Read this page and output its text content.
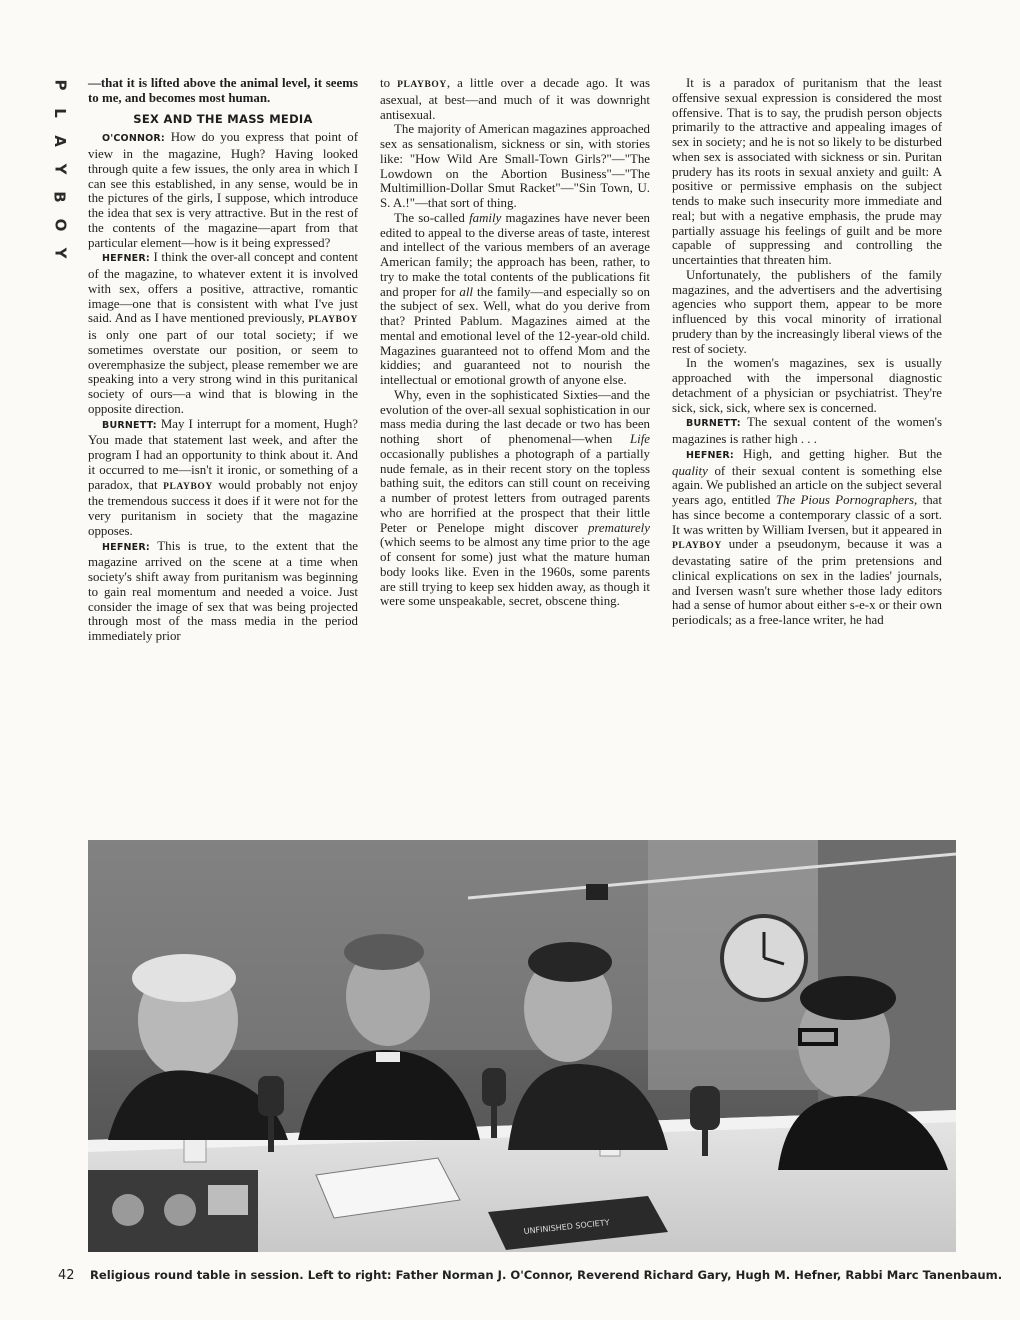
P
L
A
Y
B
O
Y

—that it is lifted above the animal level, it seems to me, and becomes most human.

SEX AND THE MASS MEDIA

O'CONNOR: How do you express that point of view in the magazine, Hugh? Having looked through quite a few issues, the only area in which I can see this established, in any sense, would be in the pictures of the girls, I suppose, which introduce the idea that sex is very attractive. But in the rest of the contents of the magazine—apart from that particular element—how is it being expressed?

HEFNER: I think the over-all concept and content of the magazine, to whatever extent it is involved with sex, offers a positive, attractive, romantic image—one that is consistent with what I've just said. And as I have mentioned previously, PLAYBOY is only one part of our total society; if we sometimes overstate our position, or seem to overemphasize the subject, please remember we are speaking into a very strong wind in this puritanical society of ours—a wind that is blowing in the opposite direction.

BURNETT: May I interrupt for a moment, Hugh? You made that statement last week, and after the program I had an opportunity to think about it. And it occurred to me—isn't it ironic, or something of a paradox, that PLAYBOY would probably not enjoy the tremendous success it does if it were not for the very puritanism in society that the magazine opposes.

HEFNER: This is true, to the extent that the magazine arrived on the scene at a time when society's shift away from puritanism was beginning to gain real momentum and needed a voice. Just consider the image of sex that was being projected through most of the mass media in the period immediately prior

to PLAYBOY, a little over a decade ago. It was asexual, at best—and much of it was downright antisexual.

The majority of American magazines approached sex as sensationalism, sickness or sin, with stories like: "How Wild Are Small-Town Girls?"—"The Lowdown on the Abortion Business"—"The Multimillion-Dollar Smut Racket"—"Sin Town, U. S. A.!"—that sort of thing.

The so-called family magazines have never been edited to appeal to the diverse areas of taste, interest and intellect of the various members of an average American family; the approach has been, rather, to try to make the total contents of the publications fit and proper for all the family—and especially so on the subject of sex. Well, what do you derive from that? Printed Pablum. Magazines aimed at the mental and emotional level of the 12-year-old child. Magazines guaranteed not to offend Mom and the kiddies; and guaranteed not to nourish the intellectual or emotional growth of anyone else.

Why, even in the sophisticated Sixties—and the evolution of the over-all sexual sophistication in our mass media during the last decade or two has been nothing short of phenomenal—when Life occasionally publishes a photograph of a partially nude female, as in their recent story on the topless bathing suit, the editors can still count on receiving a number of protest letters from outraged parents who are horrified at the prospect that their little Peter or Penelope might discover prematurely (which seems to be almost any time prior to the age of consent for some) just what the mature human body looks like. Even in the 1960s, some parents are still trying to keep sex hidden away, as though it were some unspeakable, secret, obscene thing.

It is a paradox of puritanism that the least offensive sexual expression is considered the most offensive. That is to say, the prudish person objects primarily to the attractive and appealing images of sex in society; and he is not so likely to be disturbed when sex is associated with sickness or sin. Puritan prudery has its roots in sexual anxiety and guilt: A positive or permissive emphasis on the subject tends to make such insecurity more immediate and real; but with a negative emphasis, the prude may partially assuage his feelings of guilt and be more capable of suppressing and controlling the uncertainties that threaten him.

Unfortunately, the publishers of the family magazines, and the advertisers and the advertising agencies who support them, appear to be more influenced by this vocal minority of irrational prudery than by the increasingly liberal views of the rest of society.

In the women's magazines, sex is usually approached with the impersonal diagnostic detachment of a physician or psychiatrist. They're sick, sick, sick, where sex is concerned.

BURNETT: The sexual content of the women's magazines is rather high . . .

HEFNER: High, and getting higher. But the quality of their sexual content is something else again. We published an article on the subject several years ago, entitled The Pious Pornographers, that has since become a contemporary classic of a sort. It was written by William Iversen, but it appeared in PLAYBOY under a pseudonym, because it was a devastating satire of the prim pretensions and clinical explications on sex in the ladies' journals, and Iversen wasn't sure whether those lady editors had a sense of humor about either s-e-x or their own periodicals; as a free-lance writer, he had

UNFINISHED SOCIETY
42 Religious round table in session. Left to right: Father Norman J. O'Connor, Reverend Richard Gary, Hugh M. Hefner, Rabbi Marc Tanenbaum.
